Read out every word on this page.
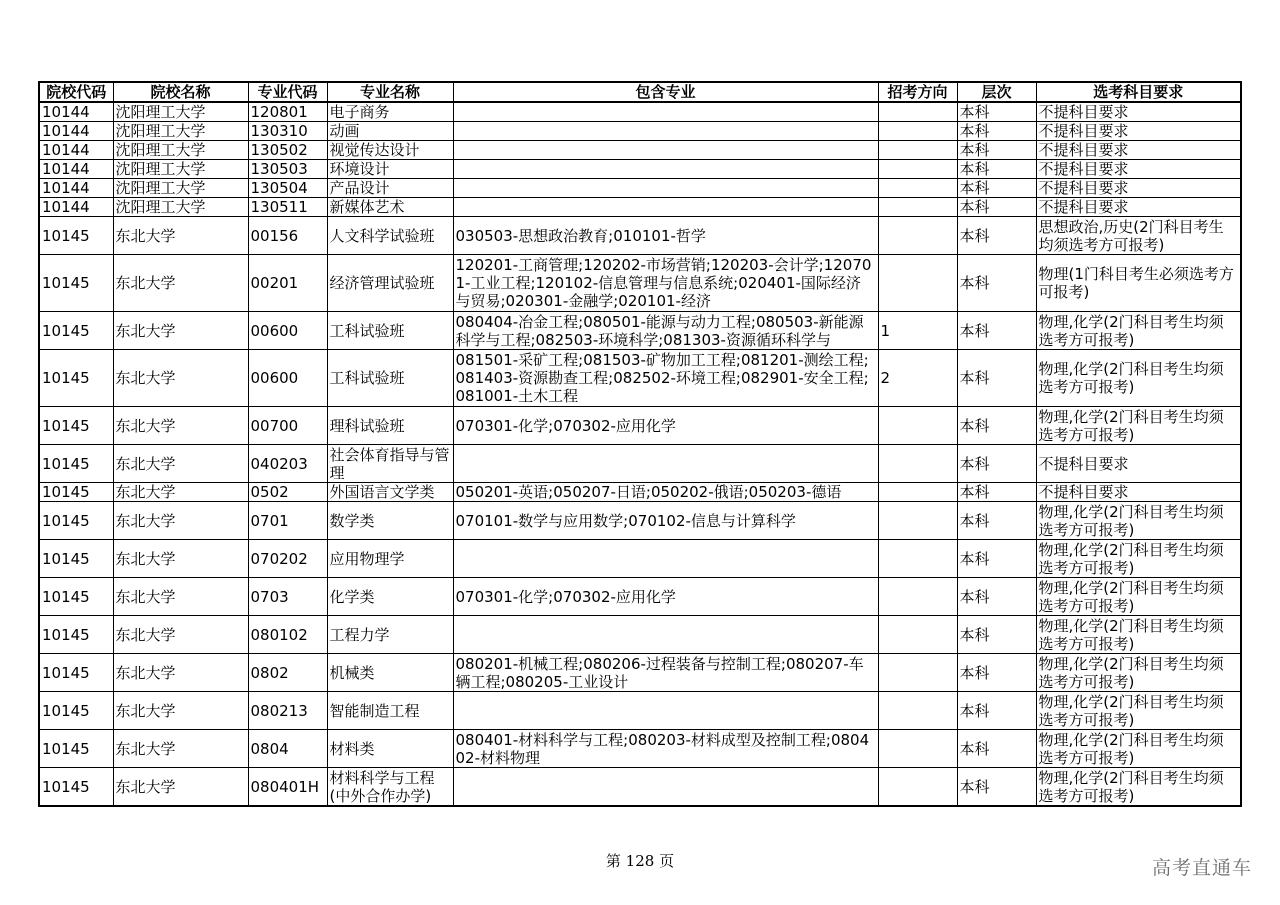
院校代码	院校名称	专业代码	专业名称	包含专业	招考方向	层次	选考科目要求
10144	沈阳理工大学	120801	电子商务			本科	不提科目要求
10144	沈阳理工大学	130310	动画			本科	不提科目要求
10144	沈阳理工大学	130502	视觉传达设计			本科	不提科目要求
10144	沈阳理工大学	130503	环境设计			本科	不提科目要求
10144	沈阳理工大学	130504	产品设计			本科	不提科目要求
10144	沈阳理工大学	130511	新媒体艺术			本科	不提科目要求

10145	东北大学	00156	人文科学试验班	030503-思想政治教育;010101-哲学		本科	思想政治,历史(2门科目考生均须选考方可报考)

10145	东北大学	00201	经济管理试验班	120201-工商管理;120202-市场营销;120203-会计学;120701-工业工程;120102-信息管理与信息系统;020401-国际经济与贸易;020301-金融学;020101-经济		本科	物理(1门科目考生必须选考方可报考)

10145	东北大学	00600	工科试验班	080404-冶金工程;080501-能源与动力工程;080503-新能源科学与工程;082503-环境科学;081303-资源循环科学与	1	本科	物理,化学(2门科目考生均须选考方可报考)

10145	东北大学	00600	工科试验班	081501-采矿工程;081503-矿物加工工程;081201-测绘工程;081403-资源勘查工程;082502-环境工程;082901-安全工程;081001-土木工程	2	本科	物理,化学(2门科目考生均须选考方可报考)

10145	东北大学	00700	理科试验班	070301-化学;070302-应用化学		本科	物理,化学(2门科目考生均须选考方可报考)

10145	东北大学	040203	社会体育指导与管理			本科	不提科目要求

10145	东北大学	0502	外国语言文学类	050201-英语;050207-日语;050202-俄语;050203-德语		本科	不提科目要求

10145	东北大学	0701	数学类	070101-数学与应用数学;070102-信息与计算科学		本科	物理,化学(2门科目考生均须选考方可报考)

10145	东北大学	070202	应用物理学			本科	物理,化学(2门科目考生均须选考方可报考)

10145	东北大学	0703	化学类	070301-化学;070302-应用化学		本科	物理,化学(2门科目考生均须选考方可报考)

10145	东北大学	080102	工程力学			本科	物理,化学(2门科目考生均须选考方可报考)

10145	东北大学	0802	机械类	080201-机械工程;080206-过程装备与控制工程;080207-车辆工程;080205-工业设计		本科	物理,化学(2门科目考生均须选考方可报考)

10145	东北大学	080213	智能制造工程			本科	物理,化学(2门科目考生均须选考方可报考)

10145	东北大学	0804	材料类	080401-材料科学与工程;080203-材料成型及控制工程;080402-材料物理		本科	物理,化学(2门科目考生均须选考方可报考)

10145	东北大学	080401H	材料科学与工程(中外合作办学)			本科	物理,化学(2门科目考生均须选考方可报考)
第 128 页	高考直通车
